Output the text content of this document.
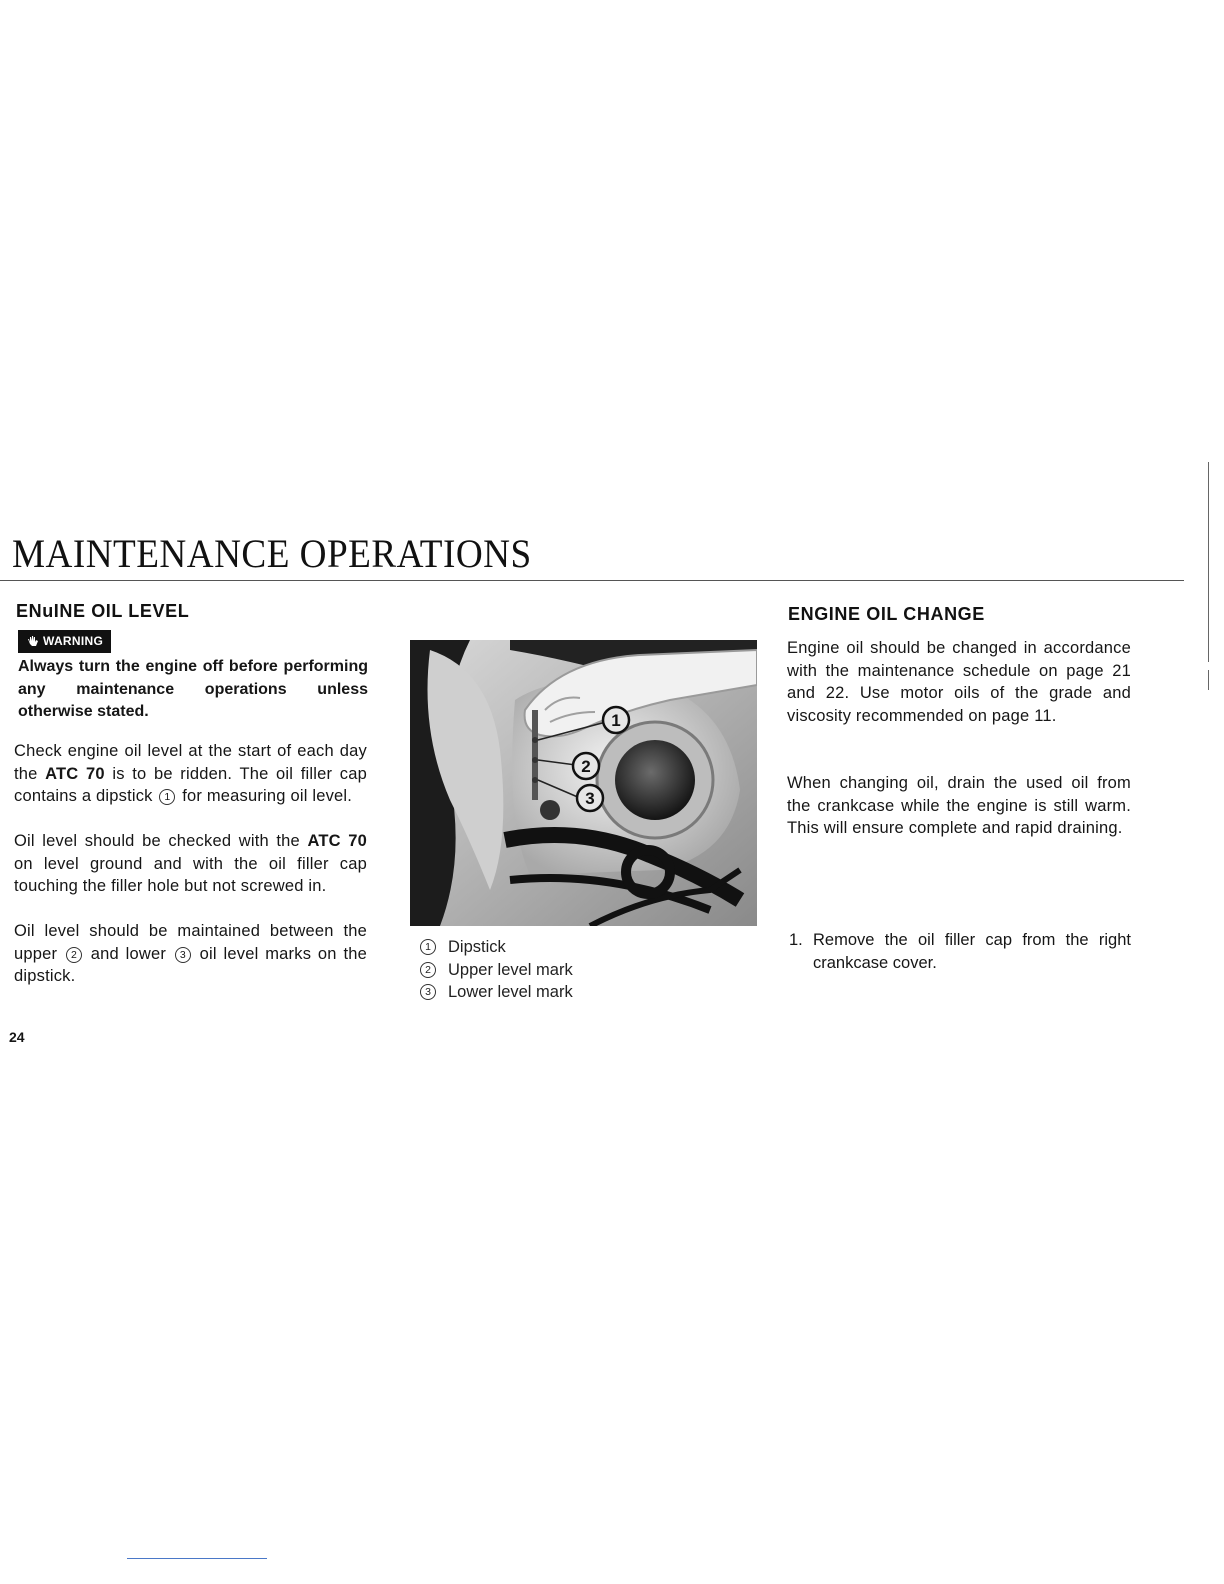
MAINTENANCE OPERATIONS
ENuINE OIL LEVEL
WARNING
Always turn the engine off before performing any maintenance operations unless otherwise stated.
Check engine oil level at the start of each day the ATC 70 is to be ridden. The oil filler cap contains a dipstick 1 for measuring oil level.
Oil level should be checked with the ATC 70 on level ground and with the oil filler cap touching the filler hole but not screwed in.
Oil level should be maintained between the upper 2 and lower 3 oil level marks on the dipstick.
1
2
3
1	Dipstick
2	Upper level mark
3	Lower level mark
ENGINE OIL CHANGE
Engine oil should be changed in accordance with the maintenance schedule on page 21 and 22. Use motor oils of the grade and viscosity recommended on page 11.
When changing oil, drain the used oil from the crankcase while the engine is still warm. This will ensure complete and rapid draining.
1. Remove the oil filler cap from the right crankcase cover.
24
